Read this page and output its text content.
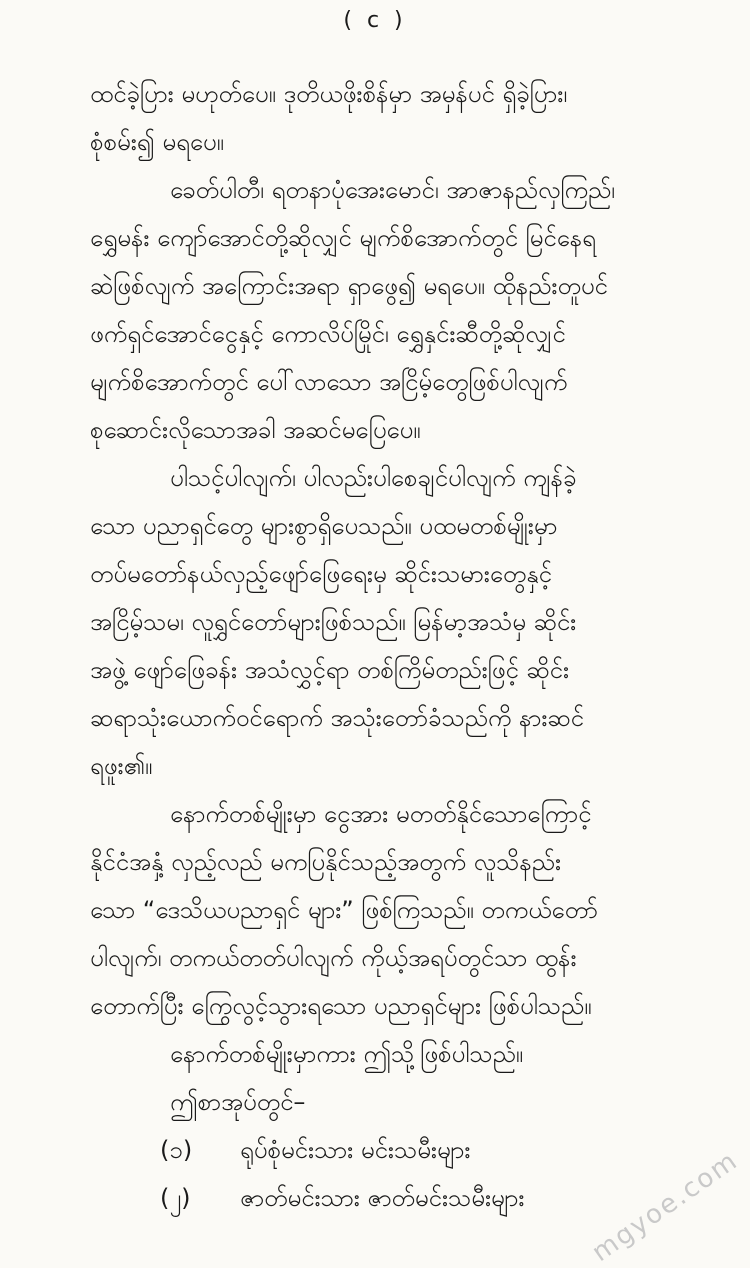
( c )
ထင်ခဲ့ပြား မဟုတ်ပေ။ ဒုတိယဖိုးစိန်မှာ အမှန်ပင် ရှိခဲ့ပြား၊
စုံစမ်း၍ မရပေ။
ခေတ်ပါတီ၊ ရတနာပုံအေးမောင်၊ အာဇာနည်လှကြည်၊
ရွှေမန်း ကျော်အောင်တို့ဆိုလျှင် မျက်စိအောက်တွင် မြင်နေရ
ဆဲဖြစ်လျက် အကြောင်းအရာ ရှာဖွေ၍ မရပေ။ ထိုနည်းတူပင်
ဖက်ရှင်အောင်ငွေနှင့် ကောလိပ်မြိုင်၊ ရွှေနှင်းဆီတို့ဆိုလျှင်
မျက်စိအောက်တွင် ပေါ်လာသော အငြိမ့်တွေဖြစ်ပါလျက်
စုဆောင်းလိုသောအခါ အဆင်မပြေပေ။
ပါသင့်ပါလျက်၊ ပါလည်းပါစေချင်ပါလျက် ကျန်ခဲ့
သော ပညာရှင်တွေ များစွာရှိပေသည်။ ပထမတစ်မျိုးမှာ
တပ်မတော်နယ်လှည့်ဖျော်ဖြေရေးမှ ဆိုင်းသမားတွေနှင့်
အငြိမ့်သမ၊ လူရွှင်တော်များဖြစ်သည်။ မြန်မာ့အသံမှ ဆိုင်း
အဖွဲ့ ဖျော်ဖြေခန်း အသံလွှင့်ရာ တစ်ကြိမ်တည်းဖြင့် ဆိုင်း
ဆရာသုံးယောက်ဝင်ရောက် အသုံးတော်ခံသည်ကို နားဆင်
ရဖူး၏။
နောက်တစ်မျိုးမှာ ငွေအား မတတ်နိုင်သောကြောင့်
နိုင်ငံအနှံ့ လှည့်လည် မကပြနိုင်သည့်အတွက် လူသိနည်း
သော “ဒေသိယပညာရှင် များ” ဖြစ်ကြသည်။ တကယ်တော်
ပါလျက်၊ တကယ်တတ်ပါလျက် ကိုယ့်အရပ်တွင်သာ ထွန်း
တောက်ပြီး ကြွေလွင့်သွားရသော ပညာရှင်များ ဖြစ်ပါသည်။
နောက်တစ်မျိုးမှာကား ဤသို့ဖြစ်ပါသည်။
ဤစာအုပ်တွင်–
(၁)	ရုပ်စုံမင်းသား မင်းသမီးများ
(၂)	ဇာတ်မင်းသား ဇာတ်မင်းသမီးများ mgyoe.com
